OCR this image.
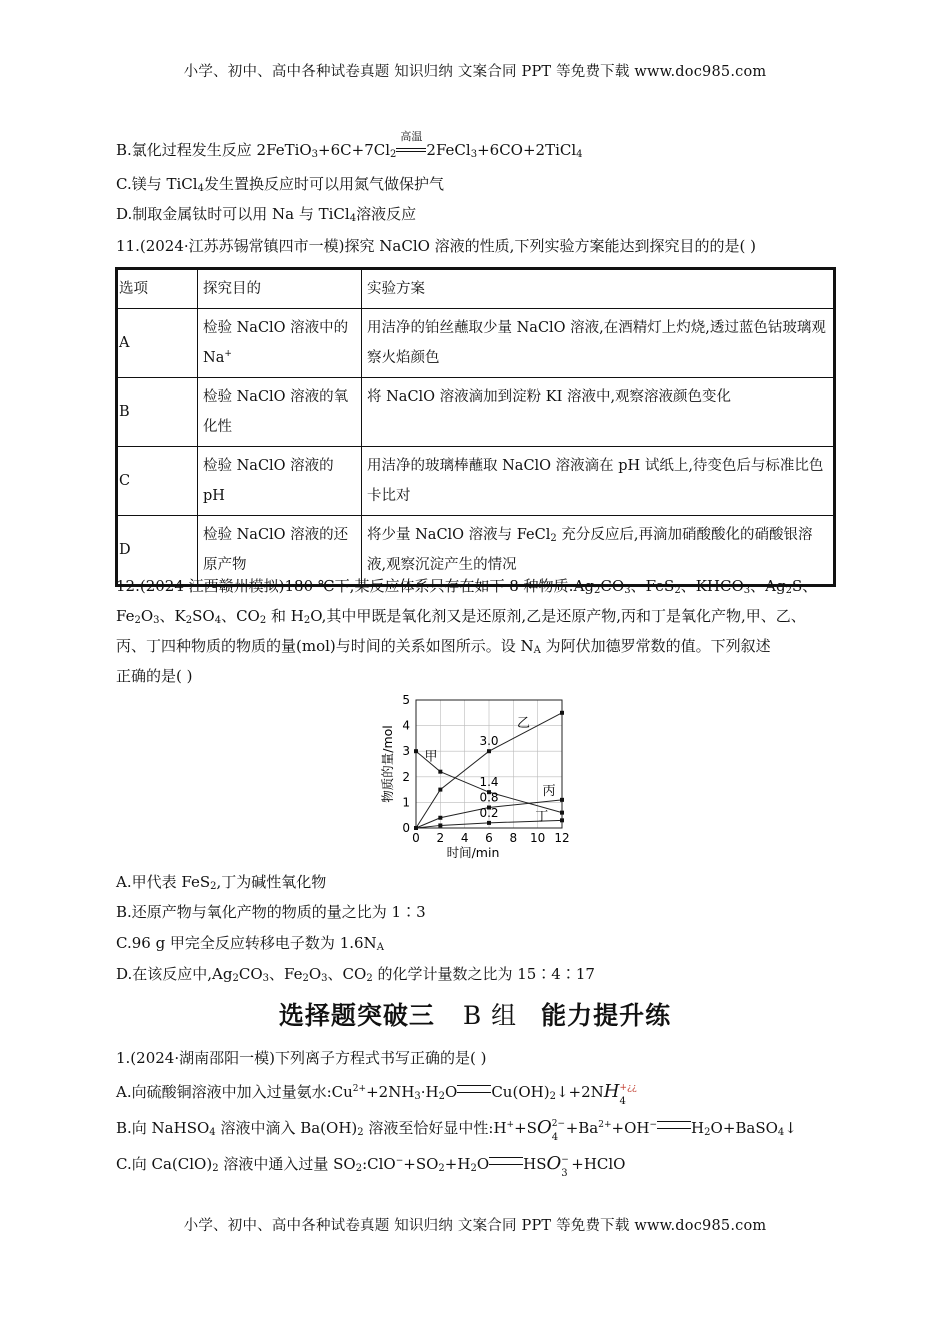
小学、初中、高中各种试卷真题 知识归纳 文案合同 PPT 等免费下载 www.doc985.com
小学、初中、高中各种试卷真题 知识归纳 文案合同 PPT 等免费下载 www.doc985.com
B.氯化过程发生反应 $2FeTiO_3+6C+7Cl_2$
高温
2FeCl$_3$+6CO+2TiCl$_4$
C.镁与 TiCl$_4$发生置换反应时可以用氮气做保护气
D.制取金属钛时可以用 Na 与 TiCl$_4$溶液反应
11.(2024·江苏苏锡常镇四市一模)探究 NaClO 溶液的性质,下列实验方案能达到探究目的的是( )
选项	探究目的	实验方案
A	检验 NaClO 溶液中的 Na+	用洁净的铂丝蘸取少量 NaClO 溶液,在酒精灯上灼烧,透过蓝色钴玻璃观察火焰颜色
B	检验 NaClO 溶液的氧化性	将 NaClO 溶液滴加到淀粉 KI 溶液中,观察溶液颜色变化
C	检验 NaClO 溶液的 pH	用洁净的玻璃棒蘸取 NaClO 溶液滴在 pH 试纸上,待变色后与标准比色卡比对
D	检验 NaClO 溶液的还原产物	将少量 NaClO 溶液与 FeCl$_2$ 充分反应后,再滴加硝酸酸化的硝酸银溶液,观察沉淀产生的情况
12.(2024·江西赣州模拟)180 ℃下,某反应体系只存在如下 8 种物质$:Ag_2CO_3$、FeS$_2$、$KHCO_3$、$Ag_2S$、
$Fe_2O_3$、$K_2SO_4$、$CO_2$ 和 $H_2O$,其中甲既是氧化剂又是还原剂,乙是还原产物,丙和丁是氧化产物,甲、乙、
丙、丁四种物质的物质的量(mol)与时间的关系如图所示。设 $N_A$ 为阿伏加德罗常数的值。下列叙述
正确的是( )
0 2 4 6 8 10 12
0
1
2
3
4
5
时间/min
物质的量/mol 甲
乙
丙
丁
3.0
1.4
0.8
0.2
A.甲代表 FeS$_2$,丁为碱性氧化物
B.还原产物与氧化产物的物质的量之比为 1∶3
C.96 g 甲完全反应转移电子数为 $1.6N_A$
D.在该反应中$,Ag_2CO_3$、$Fe_2O_3$、$CO_2$ 的化学计量数之比为 15∶4∶17
选择题突破三 B 组 能力提升练
1.(2024·湖南邵阳一模)下列离子方程式书写正确的是( )
A.向硫酸铜溶液中加入过量氨水$:Cu^{2+}+2NH_3\cdot H_2O$ $Cu(OH)_2↓+2NH$ +¿¿
4
B.向 NaHSO$_4$ 溶液中滴入 $Ba(OH)_2$ 溶液至恰好显中性:H++SO 2−
4
$+Ba^{2+}+OH^-$ $H_2O+BaSO_4↓$
C.向 $Ca(ClO)_2$ 溶液中通入过量 $SO_2:ClO^-+SO_2+H_2O$ HSO −
3
+HClO
